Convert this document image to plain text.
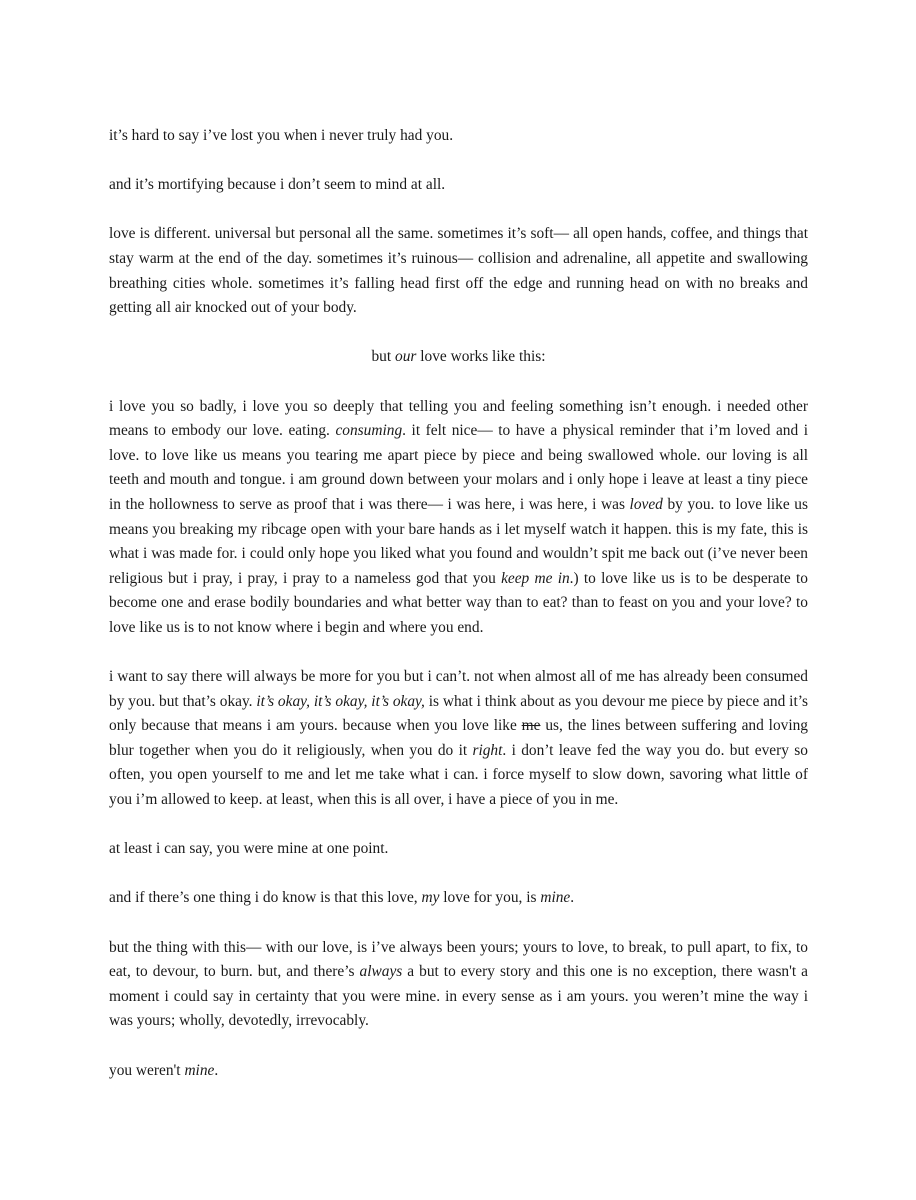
it’s hard to say i’ve lost you when i never truly had you.

and it’s mortifying because i don’t seem to mind at all.

love is different. universal but personal all the same. sometimes it’s soft— all open hands, coffee, and things that stay warm at the end of the day. sometimes it’s ruinous— collision and adrenaline, all appetite and swallowing breathing cities whole. sometimes it’s falling head first off the edge and running head on with no breaks and getting all air knocked out of your body.

but our love works like this:

i love you so badly, i love you so deeply that telling you and feeling something isn’t enough. i needed other means to embody our love. eating. consuming. it felt nice— to have a physical reminder that i’m loved and i love. to love like us means you tearing me apart piece by piece and being swallowed whole. our loving is all teeth and mouth and tongue. i am ground down between your molars and i only hope i leave at least a tiny piece in the hollowness to serve as proof that i was there— i was here, i was here, i was loved by you. to love like us means you breaking my ribcage open with your bare hands as i let myself watch it happen. this is my fate, this is what i was made for. i could only hope you liked what you found and wouldn’t spit me back out (i’ve never been religious but i pray, i pray, i pray to a nameless god that you keep me in.) to love like us is to be desperate to become one and erase bodily boundaries and what better way than to eat? than to feast on you and your love? to love like us is to not know where i begin and where you end.

i want to say there will always be more for you but i can’t. not when almost all of me has already been consumed by you. but that’s okay. it’s okay, it’s okay, it’s okay, is what i think about as you devour me piece by piece and it’s only because that means i am yours. because when you love like me us, the lines between suffering and loving blur together when you do it religiously, when you do it right. i don’t leave fed the way you do. but every so often, you open yourself to me and let me take what i can. i force myself to slow down, savoring what little of you i’m allowed to keep. at least, when this is all over, i have a piece of you in me.

at least i can say, you were mine at one point.

and if there’s one thing i do know is that this love, my love for you, is mine.

but the thing with this— with our love, is i’ve always been yours; yours to love, to break, to pull apart, to fix, to eat, to devour, to burn. but, and there’s always a but to every story and this one is no exception, there wasn't a moment i could say in certainty that you were mine. in every sense as i am yours. you weren’t mine the way i was yours; wholly, devotedly, irrevocably.

you weren't mine.
